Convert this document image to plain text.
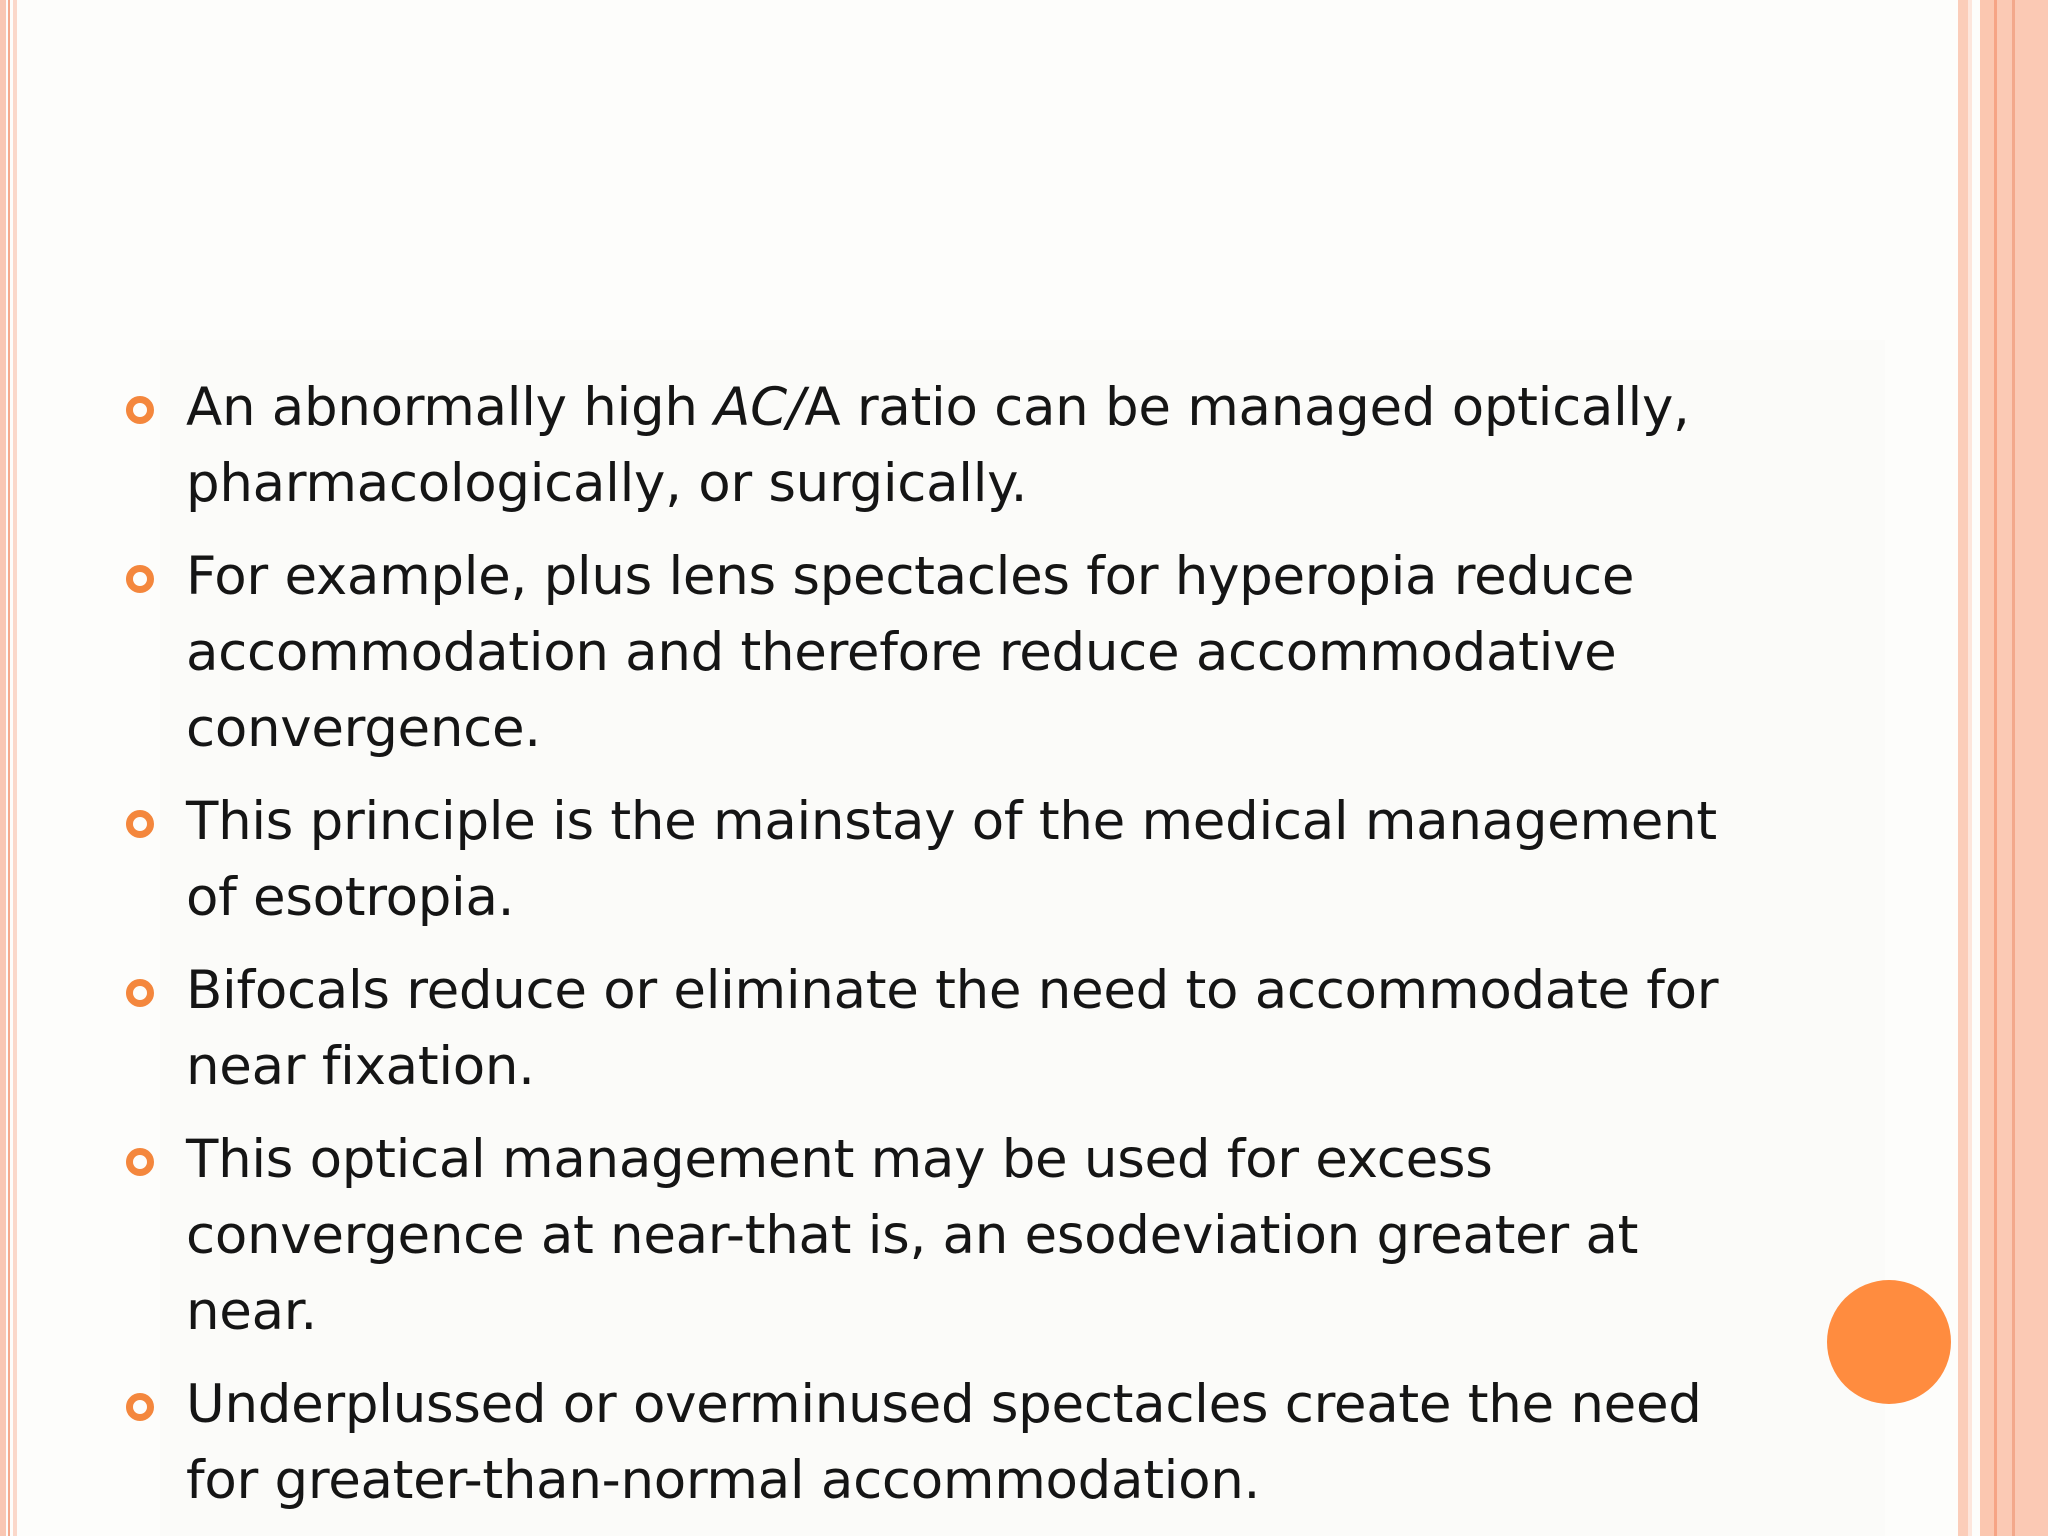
An abnormally high AC/A ratio can be managed optically, pharmacologically, or surgically.
For example, plus lens spectacles for hyperopia reduce accommodation and therefore reduce accommodative convergence.
This principle is the mainstay of the medical management of esotropia.
Bifocals reduce or eliminate the need to accommodate for near fixation.
This optical management may be used for excess convergence at near-that is, an esodeviation greater at near.
Underplussed or overminused spectacles create the need for greater-than-normal accommodation.
